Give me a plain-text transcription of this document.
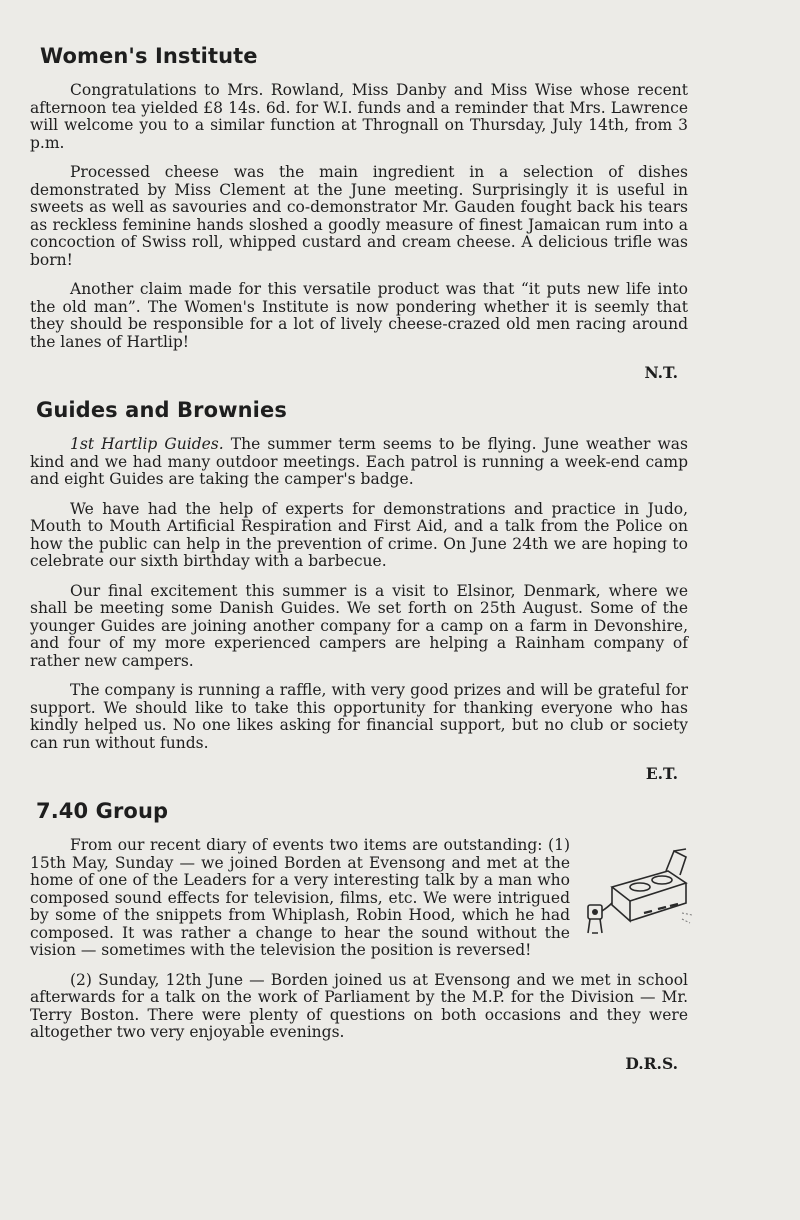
Women's Institute

Congratulations to Mrs. Rowland, Miss Danby and Miss Wise whose recent afternoon tea yielded £8 14s. 6d. for W.I. funds and a reminder that Mrs. Lawrence will welcome you to a similar function at Thrognall on Thursday, July 14th, from 3 p.m.

Processed cheese was the main ingredient in a selection of dishes demonstrated by Miss Clement at the June meeting. Surprisingly it is useful in sweets as well as savouries and co-demonstrator Mr. Gauden fought back his tears as reckless feminine hands sloshed a goodly measure of finest Jamaican rum into a concoction of Swiss roll, whipped custard and cream cheese. A delicious trifle was born!

Another claim made for this versatile product was that “it puts new life into the old man”. The Women's Institute is now pondering whether it is seemly that they should be responsible for a lot of lively cheese-crazed old men racing around the lanes of Hartlip!

N.T.
Guides and Brownies

1st Hartlip Guides. The summer term seems to be flying. June weather was kind and we had many outdoor meetings. Each patrol is running a week-end camp and eight Guides are taking the camper's badge.

We have had the help of experts for demonstrations and practice in Judo, Mouth to Mouth Artificial Respiration and First Aid, and a talk from the Police on how the public can help in the prevention of crime. On June 24th we are hoping to celebrate our sixth birthday with a barbecue.

Our final excitement this summer is a visit to Elsinor, Denmark, where we shall be meeting some Danish Guides. We set forth on 25th August. Some of the younger Guides are joining another company for a camp on a farm in Devonshire, and four of my more experienced campers are helping a Rainham company of rather new campers.

The company is running a raffle, with very good prizes and will be grateful for support. We should like to take this opportunity for thanking everyone who has kindly helped us. No one likes asking for financial support, but no club or society can run without funds.

E.T.
7.40 Group

From our recent diary of events two items are outstanding: (1) 15th May, Sunday — we joined Borden at Evensong and met at the home of one of the Leaders for a very interesting talk by a man who composed sound effects for television, films, etc. We were intrigued by some of the snippets from Whiplash, Robin Hood, which he had composed. It was rather a change to hear the sound without the vision — sometimes with the television the position is reversed!

(2) Sunday, 12th June — Borden joined us at Evensong and we met in school afterwards for a talk on the work of Parliament by the M.P. for the Division — Mr. Terry Boston. There were plenty of questions on both occasions and they were altogether two very enjoyable evenings.

D.R.S.
